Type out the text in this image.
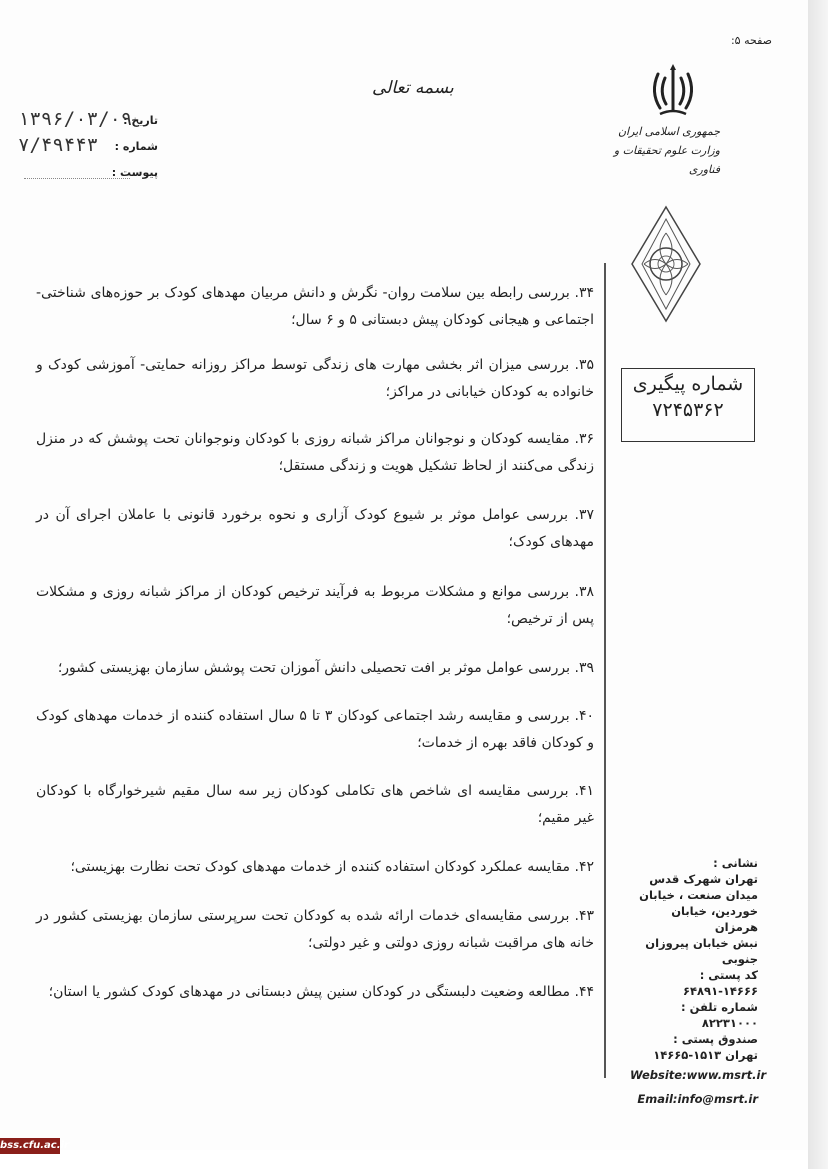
صفحه ۵:
بسمه تعالی
جمهوری اسلامی ایران
وزارت علوم تحقیقات و فناوری
تاریخ :
۱۳۹۶/۰۳/۰۹
شماره :
۷/۴۹۴۴۳
پیوست :
شماره پیگیری
۷۲۴۵۳۶۲

۳۴. بررسی رابطه بین سلامت روان- نگرش و دانش مربیان مهدهای کودک بر حوزه‌های شناختی- اجتماعی و هیجانی کودکان پیش دبستانی ۵ و ۶ سال؛

۳۵. بررسی میزان اثر بخشی مهارت های زندگی توسط مراکز روزانه حمایتی- آموزشی کودک و خانواده به کودکان خیابانی در مراکز؛

۳۶. مقایسه کودکان و نوجوانان مراکز شبانه روزی با کودکان ونوجوانان تحت پوشش که در منزل زندگی می‌کنند از لحاظ تشکیل هویت و زندگی مستقل؛

۳۷. بررسی عوامل موثر بر شیوع کودک آزاری و نحوه برخورد قانونی با عاملان اجرای آن در مهدهای کودک؛

۳۸. بررسی موانع و مشکلات مربوط به فرآیند ترخیص کودکان از مراکز شبانه روزی و مشکلات پس از ترخیص؛

۳۹. بررسی عوامل موثر بر افت تحصیلی دانش آموزان تحت پوشش سازمان بهزیستی کشور؛

۴۰. بررسی و مقایسه رشد اجتماعی کودکان ۳ تا ۵ سال استفاده کننده از خدمات مهدهای کودک و کودکان فاقد بهره از خدمات؛

۴۱. بررسی مقایسه ای شاخص های تکاملی کودکان زیر سه سال مقیم شیرخوارگاه با کودکان غیر مقیم؛

۴۲. مقایسه عملکرد کودکان استفاده کننده از خدمات مهدهای کودک تحت نظارت بهزیستی؛

۴۳. بررسی مقایسه‌ای خدمات ارائه شده به کودکان تحت سرپرستی سازمان بهزیستی کشور در خانه های مراقبت شبانه روزی دولتی و غیر دولتی؛

۴۴. مطالعه وضعیت دلبستگی در کودکان سنین پیش دبستانی در مهدهای کودک کشور یا استان؛

نشانی :
تهران شهرک قدس
میدان صنعت ، خیابان
خوردین، خیابان هرمزان
نبش خیابان پیروزان جنوبی
کد پستی : ۱۴۶۶۶-۶۴۸۹۱
شماره تلفن : ۸۲۲۳۱۰۰۰
صندوق پستی :
تهران ۱۵۱۳-۱۴۶۶۵
Website:www.msrt.ir
Email:info@msrt.ir
bss.cfu.ac.ir
